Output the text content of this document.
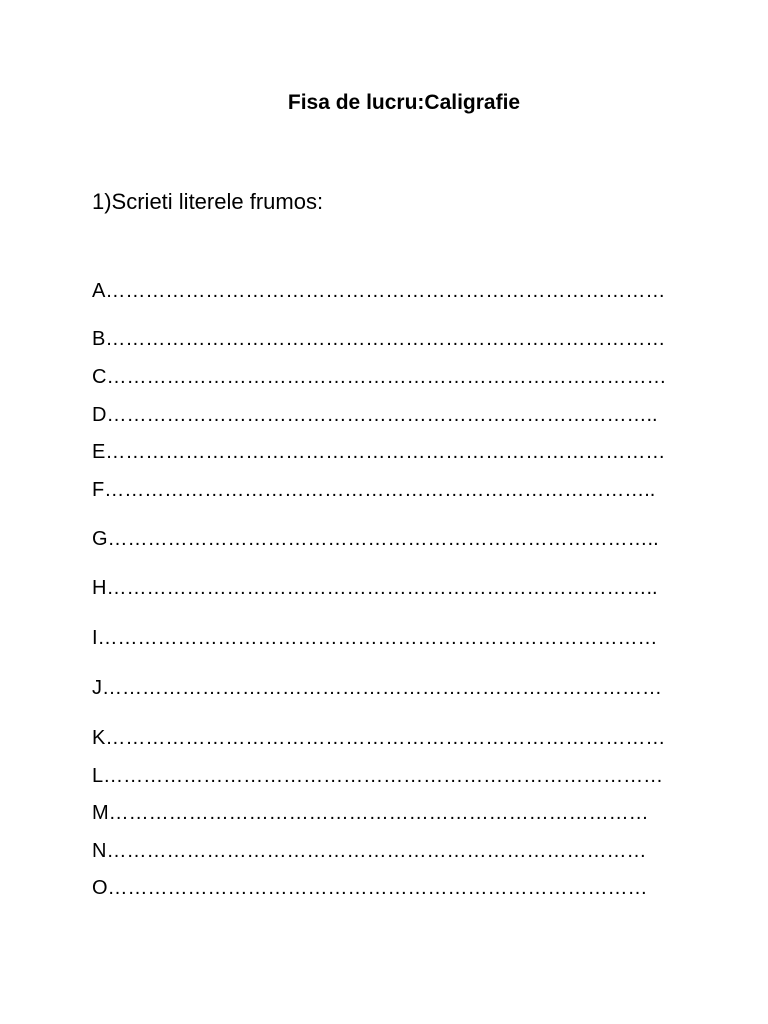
Fisa de lucru:Caligrafie
1)Scrieti literele frumos:
A…………………………………………………………………………
B…………………………………………………………………………
C…………………………………………………………………………
D………………………………………………………………………..
E…………………………………………………………………………
F………………………………………………………………………..
G………………………………………………………………………..
H………………………………………………………………………..
I…………………………………………………………………………
J…………………………………………………………………………
K…………………………………………………………………………
L…………………………………………………………………………
M………………………………………………………………………
N………………………………………………………………………
O………………………………………………………………………
